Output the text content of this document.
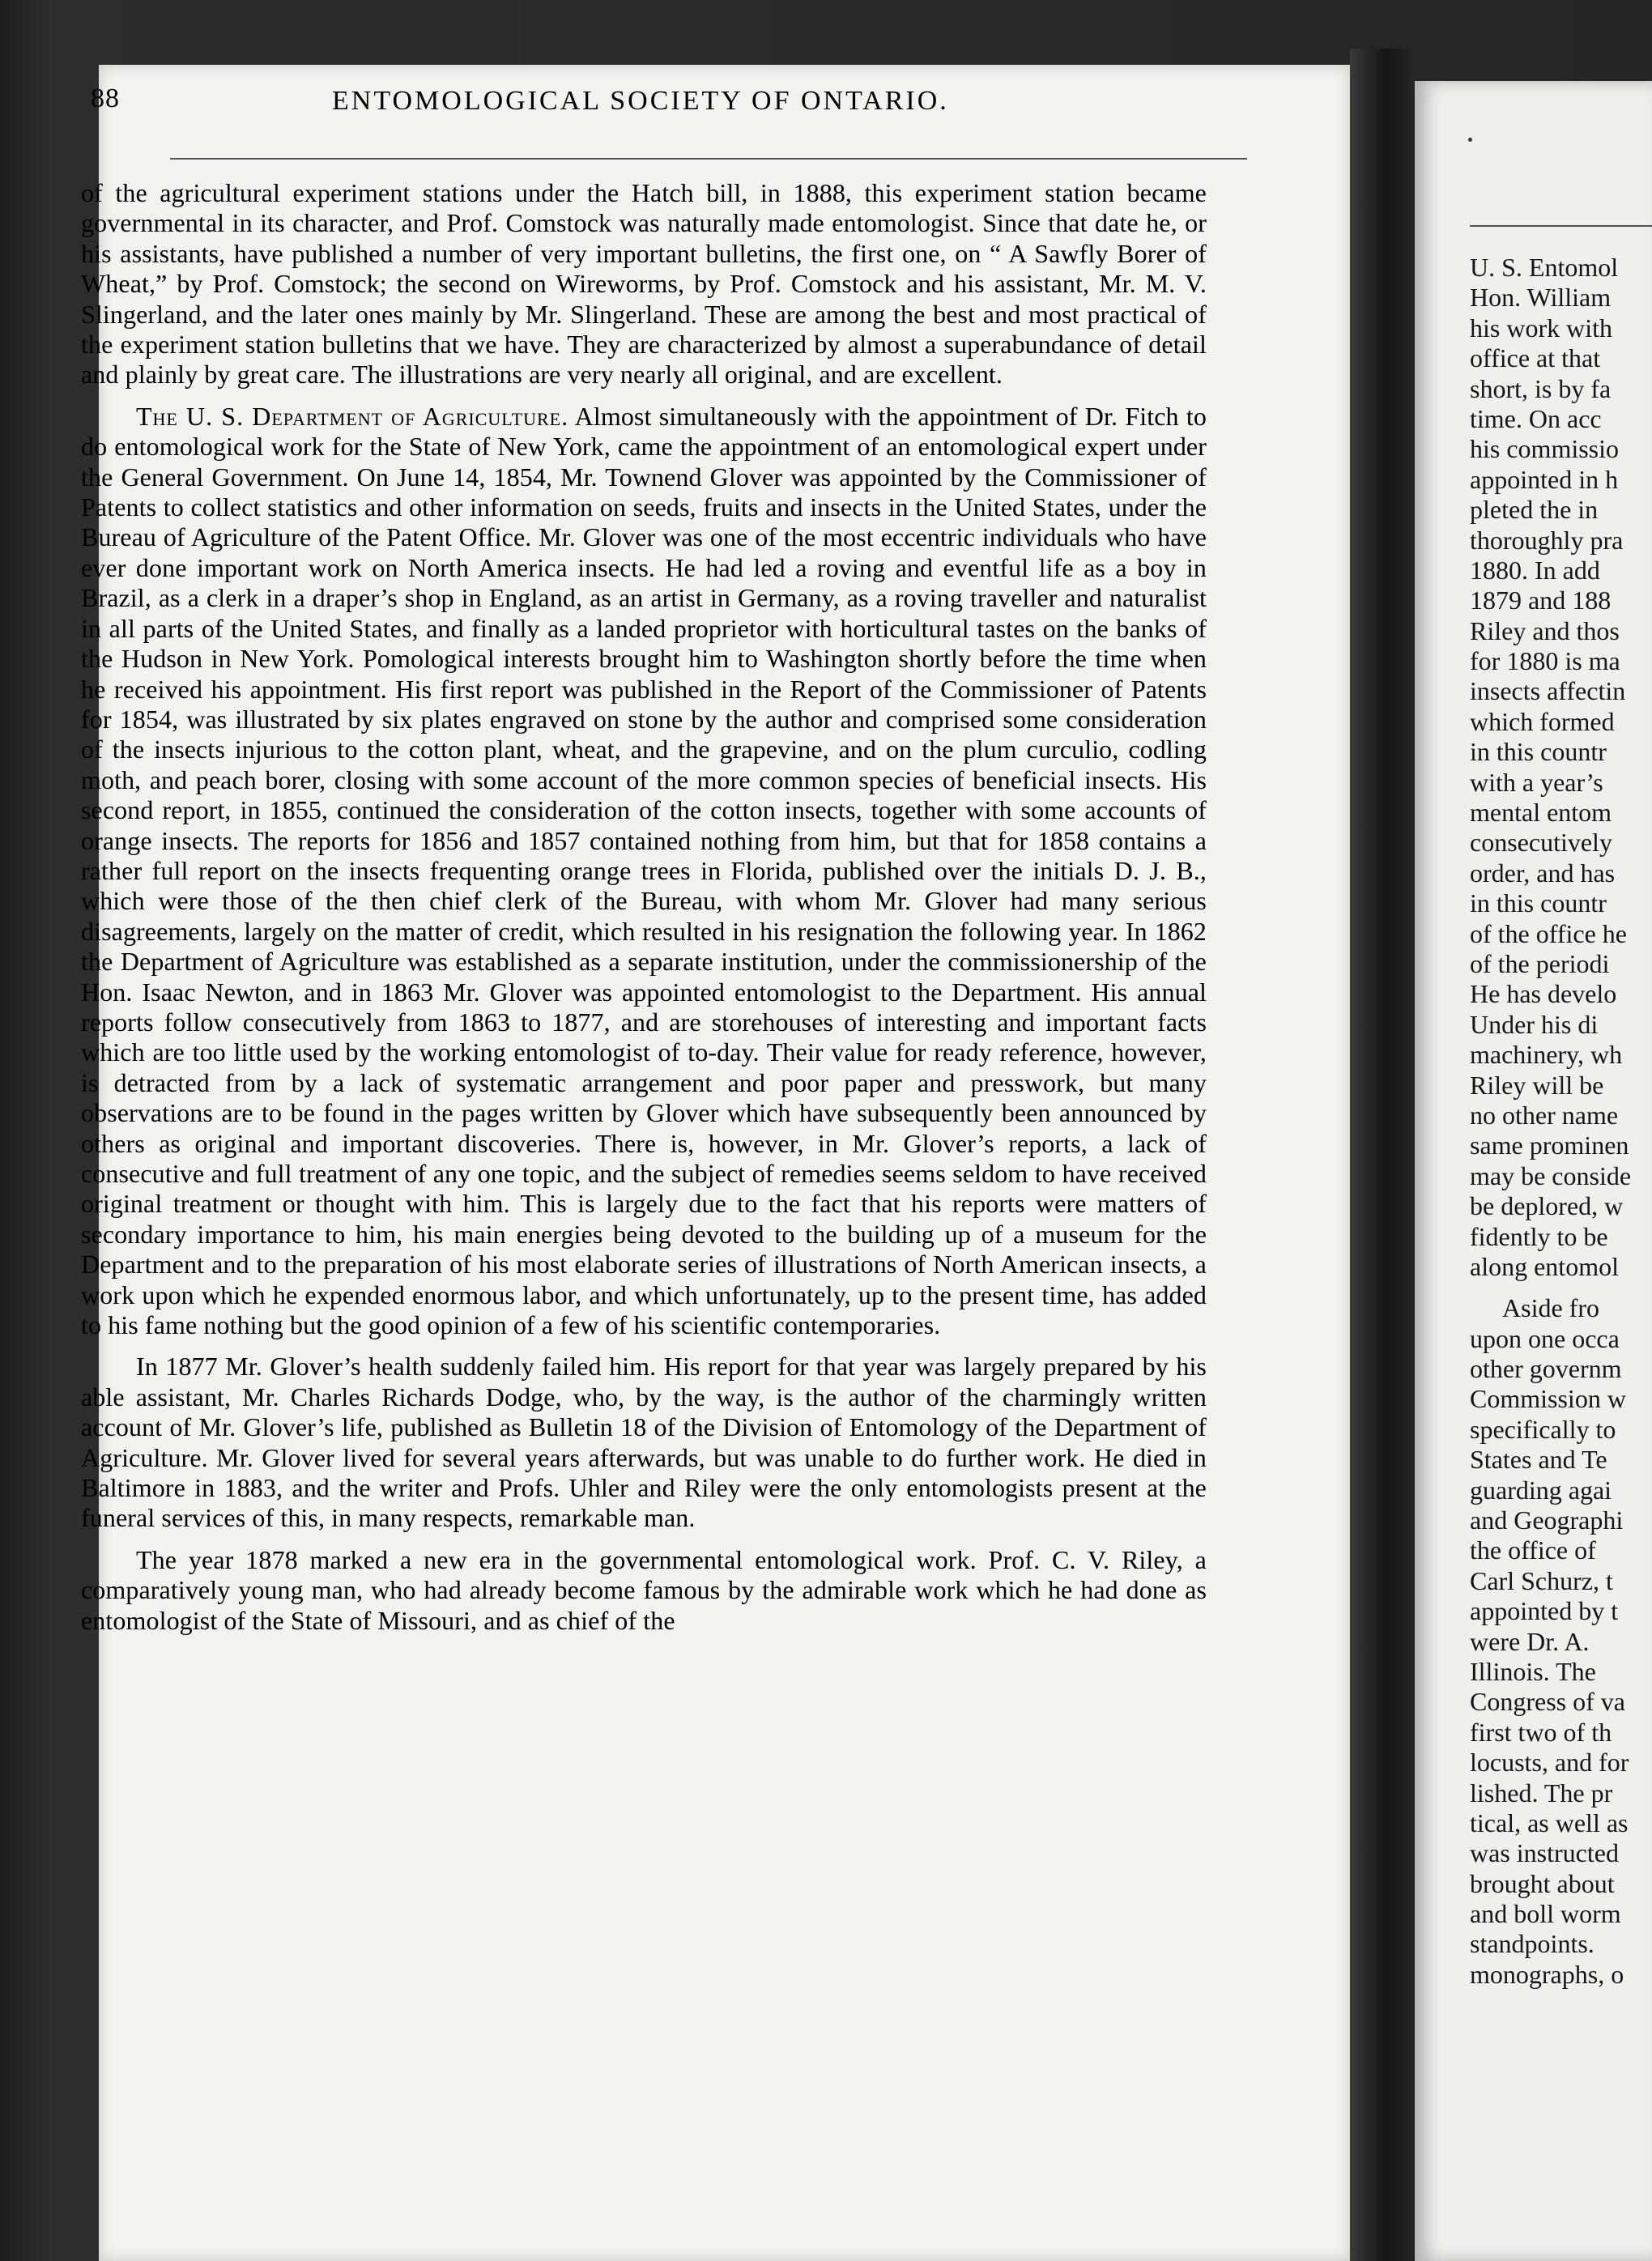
88	ENTOMOLOGICAL SOCIETY OF ONTARIO.

of the agricultural experiment stations under the Hatch bill, in 1888, this experiment station became governmental in its character, and Prof. Comstock was naturally made entomologist. Since that date he, or his assistants, have published a number of very important bulletins, the first one, on “ A Sawfly Borer of Wheat,” by Prof. Comstock; the second on Wireworms, by Prof. Comstock and his assistant, Mr. M. V. Slingerland, and the later ones mainly by Mr. Slingerland. These are among the best and most practical of the experiment station bulletins that we have. They are characterized by almost a superabundance of detail and plainly by great care. The illustrations are very nearly all original, and are excellent.

The U. S. Department of Agriculture. Almost simultaneously with the appointment of Dr. Fitch to do entomological work for the State of New York, came the appointment of an entomological expert under the General Government. On June 14, 1854, Mr. Townend Glover was appointed by the Commissioner of Patents to collect statistics and other information on seeds, fruits and insects in the United States, under the Bureau of Agriculture of the Patent Office. Mr. Glover was one of the most eccentric individuals who have ever done important work on North America insects. He had led a roving and eventful life as a boy in Brazil, as a clerk in a draper’s shop in England, as an artist in Germany, as a roving traveller and naturalist in all parts of the United States, and finally as a landed proprietor with horticultural tastes on the banks of the Hudson in New York. Pomological interests brought him to Washington shortly before the time when he received his appointment. His first report was published in the Report of the Commissioner of Patents for 1854, was illustrated by six plates engraved on stone by the author and comprised some consideration of the insects injurious to the cotton plant, wheat, and the grapevine, and on the plum curculio, codling moth, and peach borer, closing with some account of the more common species of beneficial insects. His second report, in 1855, continued the consideration of the cotton insects, together with some accounts of orange insects. The reports for 1856 and 1857 contained nothing from him, but that for 1858 contains a rather full report on the insects frequenting orange trees in Florida, published over the initials D. J. B., which were those of the then chief clerk of the Bureau, with whom Mr. Glover had many serious disagreements, largely on the matter of credit, which resulted in his resignation the following year. In 1862 the Department of Agriculture was established as a separate institution, under the commissionership of the Hon. Isaac Newton, and in 1863 Mr. Glover was appointed entomologist to the Department. His annual reports follow consecutively from 1863 to 1877, and are storehouses of interesting and important facts which are too little used by the working entomologist of to-day. Their value for ready reference, however, is detracted from by a lack of systematic arrangement and poor paper and presswork, but many observations are to be found in the pages written by Glover which have subsequently been announced by others as original and important discoveries. There is, however, in Mr. Glover’s reports, a lack of consecutive and full treatment of any one topic, and the subject of remedies seems seldom to have received original treatment or thought with him. This is largely due to the fact that his reports were matters of secondary importance to him, his main energies being devoted to the building up of a museum for the Department and to the preparation of his most elaborate series of illustrations of North American insects, a work upon which he expended enormous labor, and which unfortunately, up to the present time, has added to his fame nothing but the good opinion of a few of his scientific contemporaries.

In 1877 Mr. Glover’s health suddenly failed him. His report for that year was largely prepared by his able assistant, Mr. Charles Richards Dodge, who, by the way, is the author of the charmingly written account of Mr. Glover’s life, published as Bulletin 18 of the Division of Entomology of the Department of Agriculture. Mr. Glover lived for several years afterwards, but was unable to do further work. He died in Baltimore in 1883, and the writer and Profs. Uhler and Riley were the only entomologists present at the funeral services of this, in many respects, remarkable man.

The year 1878 marked a new era in the governmental entomological work. Prof. C. V. Riley, a comparatively young man, who had already become famous by the admirable work which he had done as entomologist of the State of Missouri, and as chief of the

U. S. Entomol
Hon. William
his work with
office at that
short, is by fa
time. On acc
his commissio
appointed in h
pleted the in
thoroughly pra
1880. In add
1879 and 188
Riley and thos
for 1880 is ma
insects affectin
which formed
in this countr
with a year’s
mental entom
consecutively
order, and has
in this countr
of the office he
of the periodi
He has develo
Under his di
machinery, wh
Riley will be
no other name
same prominen
may be conside
be deplored, w
fidently to be
along entomol
Aside fro
upon one occa
other governm
Commission w
specifically to
States and Te
guarding agai
and Geographi
the office of
Carl Schurz, t
appointed by t
were Dr. A.
Illinois. The
Congress of va
first two of th
locusts, and for
lished. The pr
tical, as well as
was instructed
brought about
and boll worm
standpoints.
monographs, o
